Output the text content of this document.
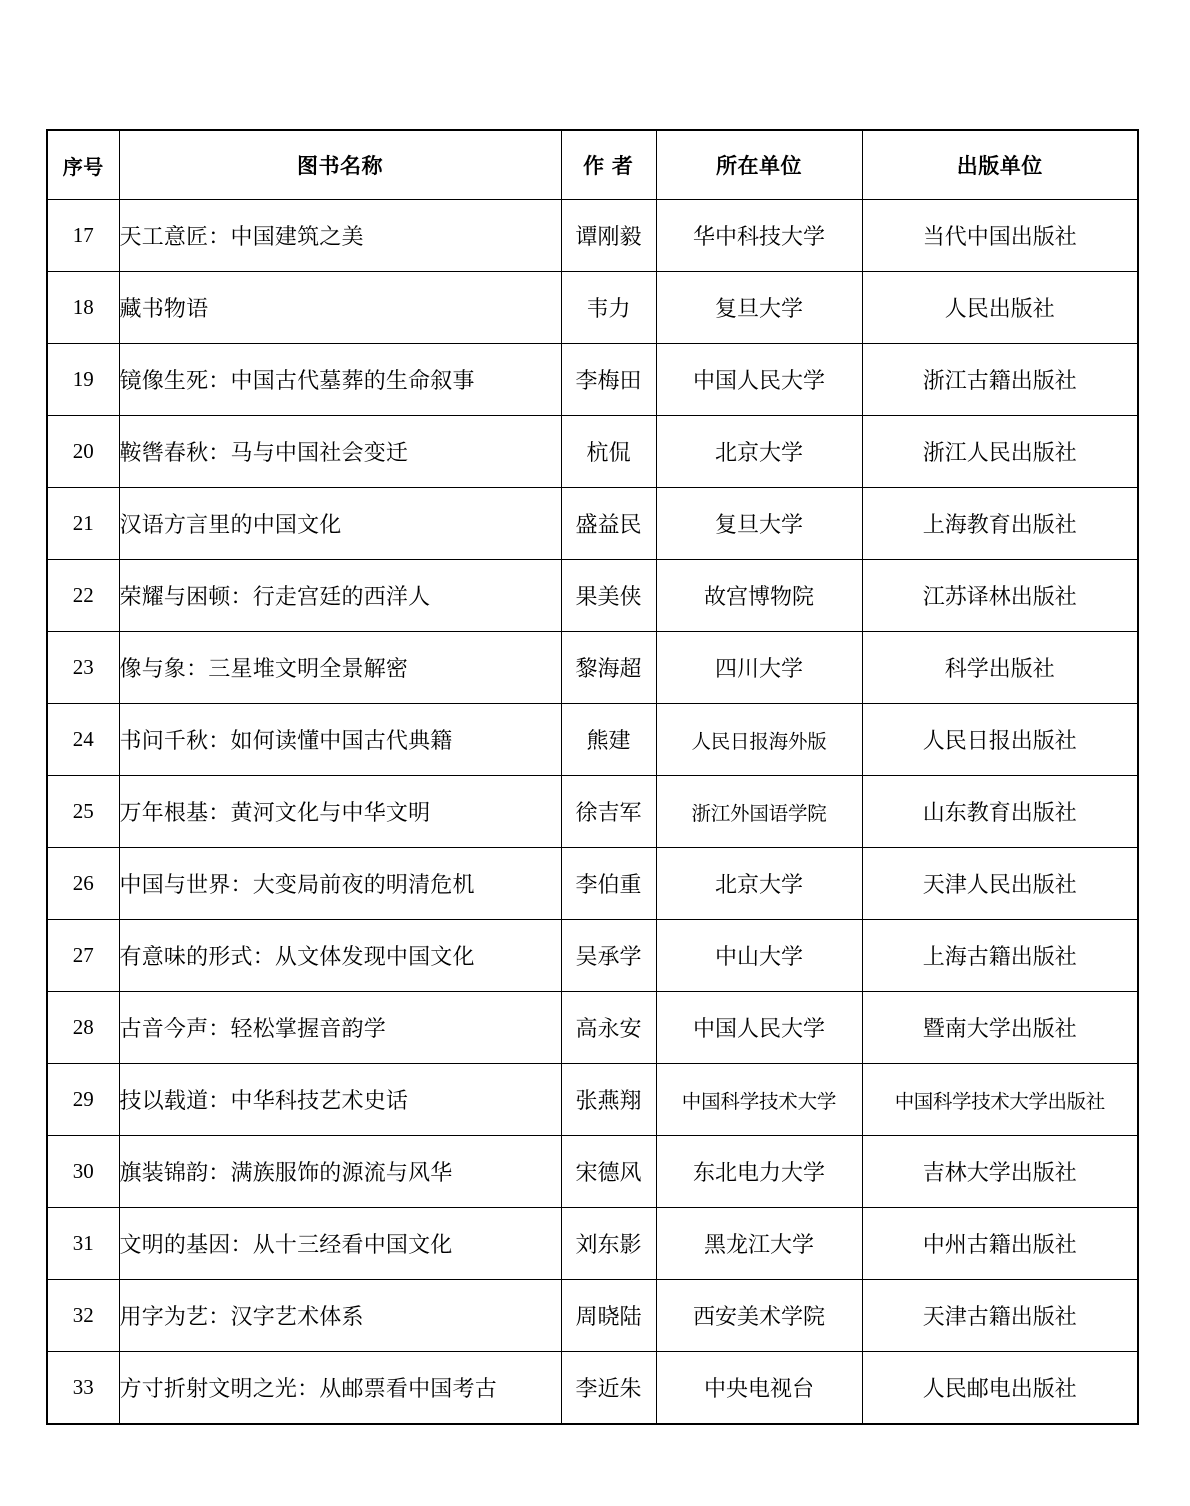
序号	图书名称	作 者	所在单位	出版单位
17	天工意匠：中国建筑之美	谭刚毅	华中科技大学	当代中国出版社
18	藏书物语	韦力	复旦大学	人民出版社
19	镜像生死：中国古代墓葬的生命叙事	李梅田	中国人民大学	浙江古籍出版社
20	鞍辔春秋：马与中国社会变迁	杭侃	北京大学	浙江人民出版社
21	汉语方言里的中国文化	盛益民	复旦大学	上海教育出版社
22	荣耀与困顿：行走宫廷的西洋人	果美侠	故宫博物院	江苏译林出版社
23	像与象：三星堆文明全景解密	黎海超	四川大学	科学出版社
24	书问千秋：如何读懂中国古代典籍	熊建	人民日报海外版	人民日报出版社
25	万年根基：黄河文化与中华文明	徐吉军	浙江外国语学院	山东教育出版社
26	中国与世界：大变局前夜的明清危机	李伯重	北京大学	天津人民出版社
27	有意味的形式：从文体发现中国文化	吴承学	中山大学	上海古籍出版社
28	古音今声：轻松掌握音韵学	高永安	中国人民大学	暨南大学出版社
29	技以载道：中华科技艺术史话	张燕翔	中国科学技术大学	中国科学技术大学出版社
30	旗装锦韵：满族服饰的源流与风华	宋德风	东北电力大学	吉林大学出版社
31	文明的基因：从十三经看中国文化	刘东影	黑龙江大学	中州古籍出版社
32	用字为艺：汉字艺术体系	周晓陆	西安美术学院	天津古籍出版社
33	方寸折射文明之光：从邮票看中国考古	李近朱	中央电视台	人民邮电出版社
